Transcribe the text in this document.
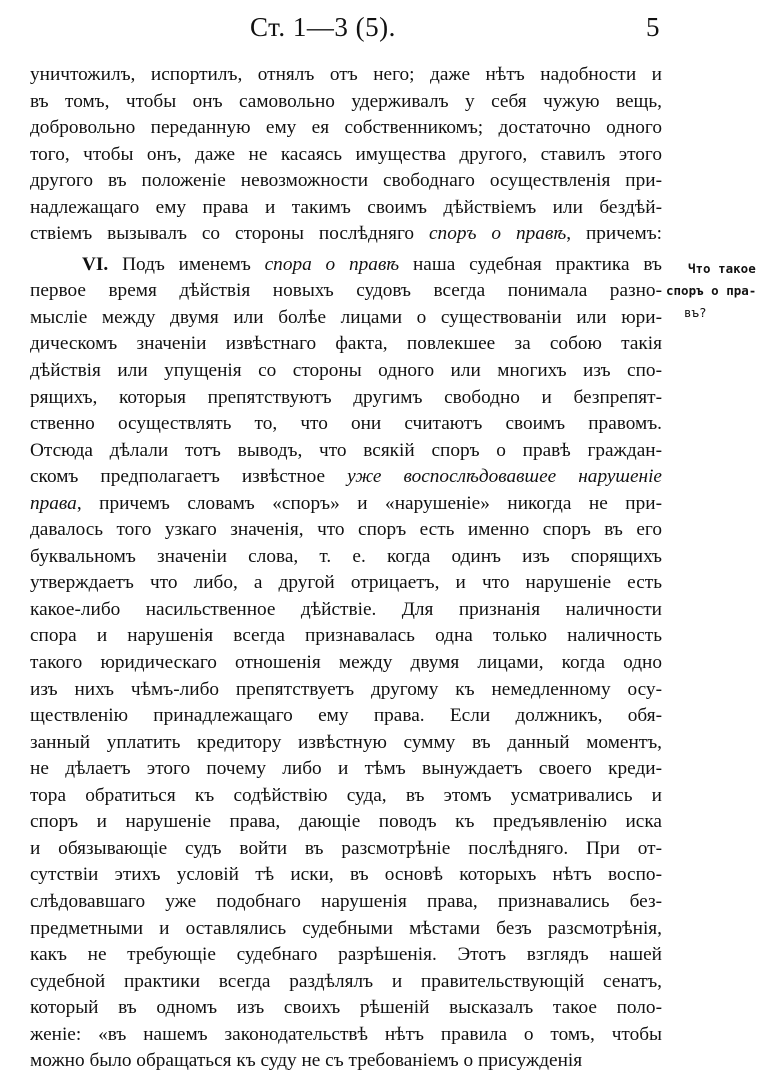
Ст. 1—3 (5).	5
уничтожилъ, испортилъ, отнялъ отъ него; даже нѣтъ надобности и
въ томъ, чтобы онъ самовольно удерживалъ у себя чужую вещь,
добровольно переданную ему ея собственникомъ; достаточно одного
того, чтобы онъ, даже не касаясь имущества другого, ставилъ этого
другого въ положеніе невозможности свободнаго осуществленія при-
надлежащаго ему права и такимъ своимъ дѣйствіемъ или бездѣй-
ствіемъ вызывалъ со стороны послѣдняго споръ о правѣ, причемъ:
VI. Подъ именемъ спора о правѣ наша судебная практика въ
первое время дѣйствія новыхъ судовъ всегда понимала разно-
мысліе между двумя или болѣе лицами о существованіи или юри-
дическомъ значеніи извѣстнаго факта, повлекшее за собою такія
дѣйствія или упущенія со стороны одного или многихъ изъ спо-
рящихъ, которыя препятствуютъ другимъ свободно и безпрепят-
ственно осуществлять то, что они считаютъ своимъ правомъ.
Отсюда дѣлали тотъ выводъ, что всякій споръ о правѣ граждан-
скомъ предполагаетъ извѣстное уже воспослѣдовавшее нарушеніе
права, причемъ словамъ «споръ» и «нарушеніе» никогда не при-
давалось того узкаго значенія, что споръ есть именно споръ въ его
буквальномъ значеніи слова, т. е. когда одинъ изъ спорящихъ
утверждаетъ что либо, а другой отрицаетъ, и что нарушеніе есть
какое-либо насильственное дѣйствіе. Для признанія наличности
спора и нарушенія всегда признавалась одна только наличность
такого юридическаго отношенія между двумя лицами, когда одно
изъ нихъ чѣмъ-либо препятствуетъ другому къ немедленному осу-
ществленію принадлежащаго ему права. Если должникъ, обя-
занный уплатить кредитору извѣстную сумму въ данный моментъ,
не дѣлаетъ этого почему либо и тѣмъ вынуждаетъ своего креди-
тора обратиться къ содѣйствію суда, въ этомъ усматривались и
споръ и нарушеніе права, дающіе поводъ къ предъявленію иска
и обязывающіе судъ войти въ разсмотрѣніе послѣдняго. При от-
сутствіи этихъ условій тѣ иски, въ основѣ которыхъ нѣтъ воспо-
слѣдовавшаго уже подобнаго нарушенія права, признавались без-
предметными и оставлялись судебными мѣстами безъ разсмотрѣнія,
какъ не требующіе судебнаго разрѣшенія. Этотъ взглядъ нашей
судебной практики всегда раздѣлялъ и правительствующій сенатъ,
который въ одномъ изъ своихъ рѣшеній высказалъ такое поло-
женіе: «въ нашемъ законодательствѣ нѣтъ правила о томъ, чтобы
можно было обращаться къ суду не съ требованіемъ о присужденія
Что такое
споръ о пра-
въ?
